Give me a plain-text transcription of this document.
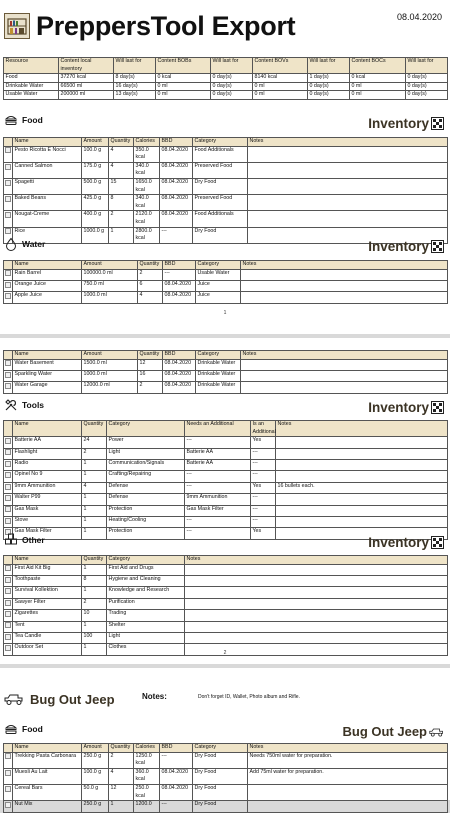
PreppersTool Export	08.04.2020
Resource	Content local inventory	Will last for	Content BOBs	Will last for	Content BOVs	Will last for	Content BOCs	Will last for
Food	37270 kcal	8 day(s)	0 kcal	0 day(s)	8140 kcal	1 day(s)	0 kcal	0 day(s)
Drinkable Water	66500 ml	16 day(s)	0 ml	0 day(s)	0 ml	0 day(s)	0 ml	0 day(s)
Usable Water	200000 ml	13 day(s)	0 ml	0 day(s)	0 ml	0 day(s)	0 ml	0 day(s)
Food	Inventory
	Name	Amount	Quantity	Calories	BBD	Category	Notes
	Pesto Ricotta E Nocci	100.0 g	4	350.0 kcal	08.04.2020	Food Additionals	
	Canned Salmon	175.0 g	4	340.0 kcal	08.04.2020	Preserved Food	
	Spagetti	500.0 g	15	1650.0 kcal	08.04.2020	Dry Food	
	Baked Beans	425.0 g	8	340.0 kcal	08.04.2020	Preserved Food	
	Nougat-Creme	400.0 g	2	2120.0 kcal	08.04.2020	Food Additionals	
	Rice	1000.0 g	1	2800.0 kcal	---	Dry Food	
Water	Inventory
	Name	Amount	Quantity	BBD	Category	Notes
	Rain Barrel	100000.0 ml	2	---	Usable Water	
	Orange Juice	750.0 ml	6	08.04.2020	Juice	
	Apple Juice	1000.0 ml	4	08.04.2020	Juice	
1
	Name	Amount	Quantity	BBD	Category	Notes
	Water Basement	1500.0 ml	12	08.04.2020	Drinkable Water	
	Sparkling Water	1000.0 ml	16	08.04.2020	Drinkable Water	
	Water Garage	12000.0 ml	2	08.04.2020	Drinkable Water	
Tools	Inventory
	Name	Quantity	Category	Needs an Additional	Is an Additional	Notes
	Batterie AA	24	Power	---	Yes	
	Flashlight	2	Light	Batterie AA	---	
	Radio	1	Communication/Signals	Batterie AA	---	
	Opinel No 9	1	Crafting/Repairing	---	---	
	9mm Ammunition	4	Defense	---	Yes	16 bullets each.
	Walter P99	1	Defense	9mm Ammunition	---	
	Gas Mask	1	Protection	Gas Mask Filter	---	
	Stove	1	Heating/Cooling	---	---	
	Gas Mask Filter	1	Protection	---	Yes	
Other	Inventory
	Name	Quantity	Category	Notes
	First Aid Kit Big	1	First Aid and Drugs	
	Toothpaste	8	Hygiene and Cleaning	
	Survival Kollektion	1	Knowledge and Research	
	Sawyer Filter	2	Purification	
	Zigarettes	10	Trading	
	Tent	1	Shelter	
	Tea Candle	100	Light	
	Outdoor Set	1	Clothes	
2
Bug Out Jeep	Notes:	Don't forget ID, Wallet, Photo album and Rifle.
Food	Bug Out Jeep
	Name	Amount	Quantity	Calories	BBD	Category	Notes
	Trekking Pasta Carbonara	250.0 g	2	1250.0 kcal	---	Dry Food	Needs 750ml water for preparation.
	Muesli Au Lait	100.0 g	4	360.0 kcal	08.04.2020	Dry Food	Add 75ml water for preparation.
	Cereal Bars	50.0 g	12	250.0 kcal	08.04.2020	Dry Food	
	Nut Mix	250.0 g	1	1200.0	---	Dry Food	
